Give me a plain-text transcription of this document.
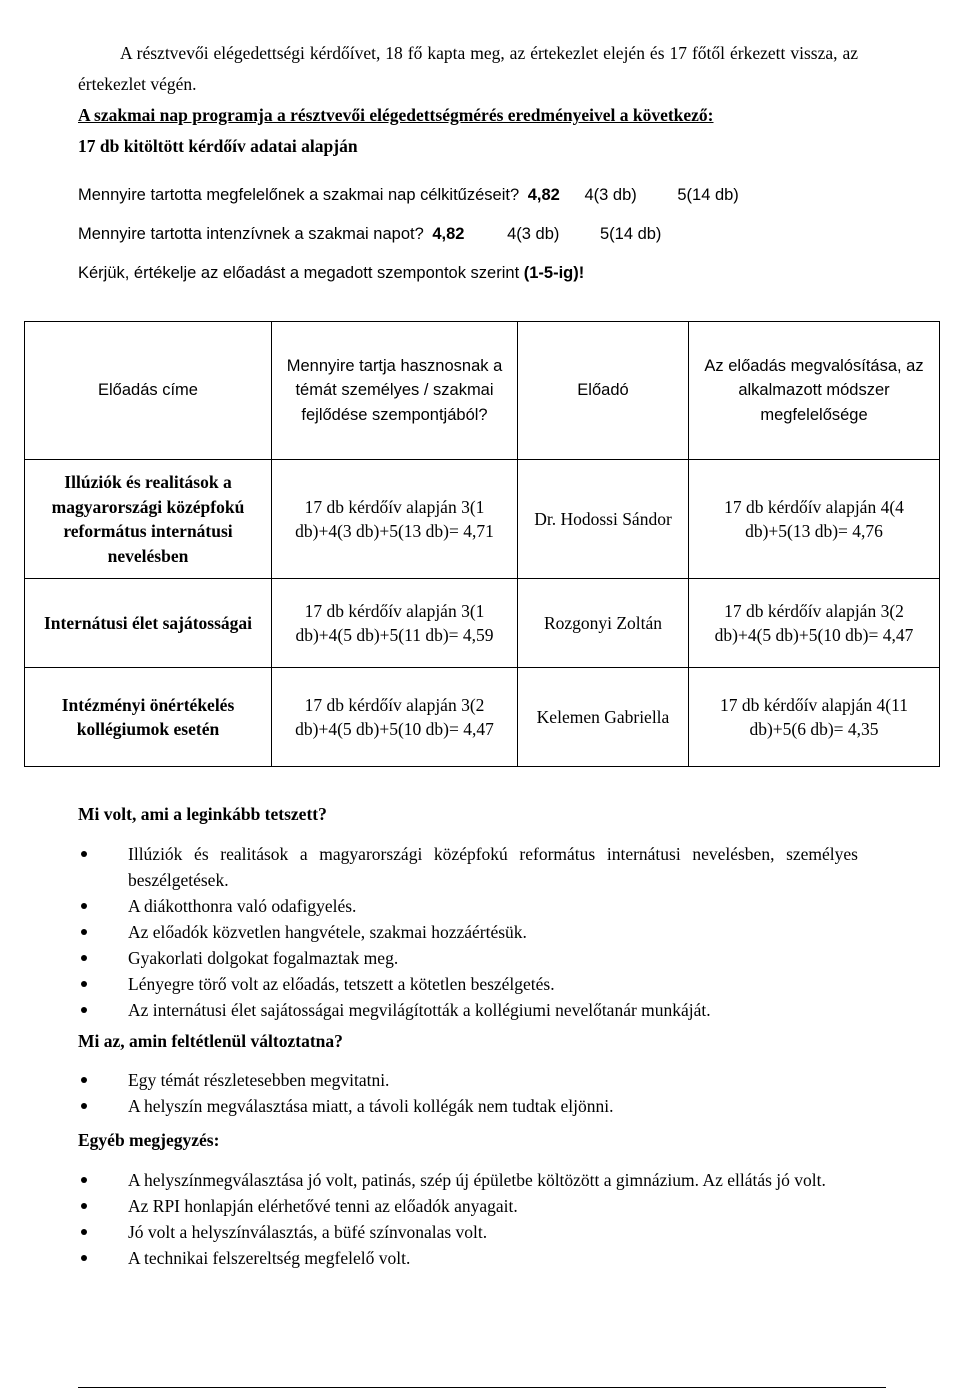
A résztvevői elégedettségi kérdőívet, 18 fő kapta meg, az értekezlet elején és 17 főtől érkezett vissza, az értekezlet végén.
A szakmai nap programja a résztvevői elégedettségmérés eredményeivel a következő:
17 db kitöltött kérdőív adatai alapján
Mennyire tartotta megfelelőnek a szakmai nap célkitűzéseit? 4,82 4(3 db) 5(14 db)
Mennyire tartotta intenzívnek a szakmai napot? 4,82	4(3 db) 5(14 db)
Kérjük, értékelje az előadást a megadott szempontok szerint (1-5-ig)!
Előadás címe	Mennyire tartja hasznosnak a témát személyes / szakmai fejlődése szempontjából?	Előadó	Az előadás megvalósítása, az alkalmazott módszer megfelelősége
Illúziók és realitások a magyarországi középfokú református internátusi nevelésben	17 db kérdőív alapján 3(1 db)+4(3 db)+5(13 db)= 4,71	Dr. Hodossi Sándor	17 db kérdőív alapján 4(4 db)+5(13 db)= 4,76
Internátusi élet sajátosságai	17 db kérdőív alapján 3(1 db)+4(5 db)+5(11 db)= 4,59	Rozgonyi Zoltán	17 db kérdőív alapján 3(2 db)+4(5 db)+5(10 db)= 4,47
Intézményi önértékelés kollégiumok esetén	17 db kérdőív alapján 3(2 db)+4(5 db)+5(10 db)= 4,47	Kelemen Gabriella	17 db kérdőív alapján 4(11 db)+5(6 db)= 4,35
Mi volt, ami a leginkább tetszett?
Illúziók és realitások a magyarországi középfokú református internátusi nevelésben, személyes beszélgetések.
A diákotthonra való odafigyelés.
Az előadók közvetlen hangvétele, szakmai hozzáértésük.
Gyakorlati dolgokat fogalmaztak meg.
Lényegre törő volt az előadás, tetszett a kötetlen beszélgetés.
Az internátusi élet sajátosságai megvilágították a kollégiumi nevelőtanár munkáját.
Mi az, amin feltétlenül változtatna?
Egy témát részletesebben megvitatni.
A helyszín megválasztása miatt, a távoli kollégák nem tudtak eljönni.
Egyéb megjegyzés:
A helyszínmegválasztása jó volt, patinás, szép új épületbe költözött a gimnázium. Az ellátás jó volt.
Az RPI honlapján elérhetővé tenni az előadók anyagait.
Jó volt a helyszínválasztás, a büfé színvonalas volt.
A technikai felszereltség megfelelő volt.
